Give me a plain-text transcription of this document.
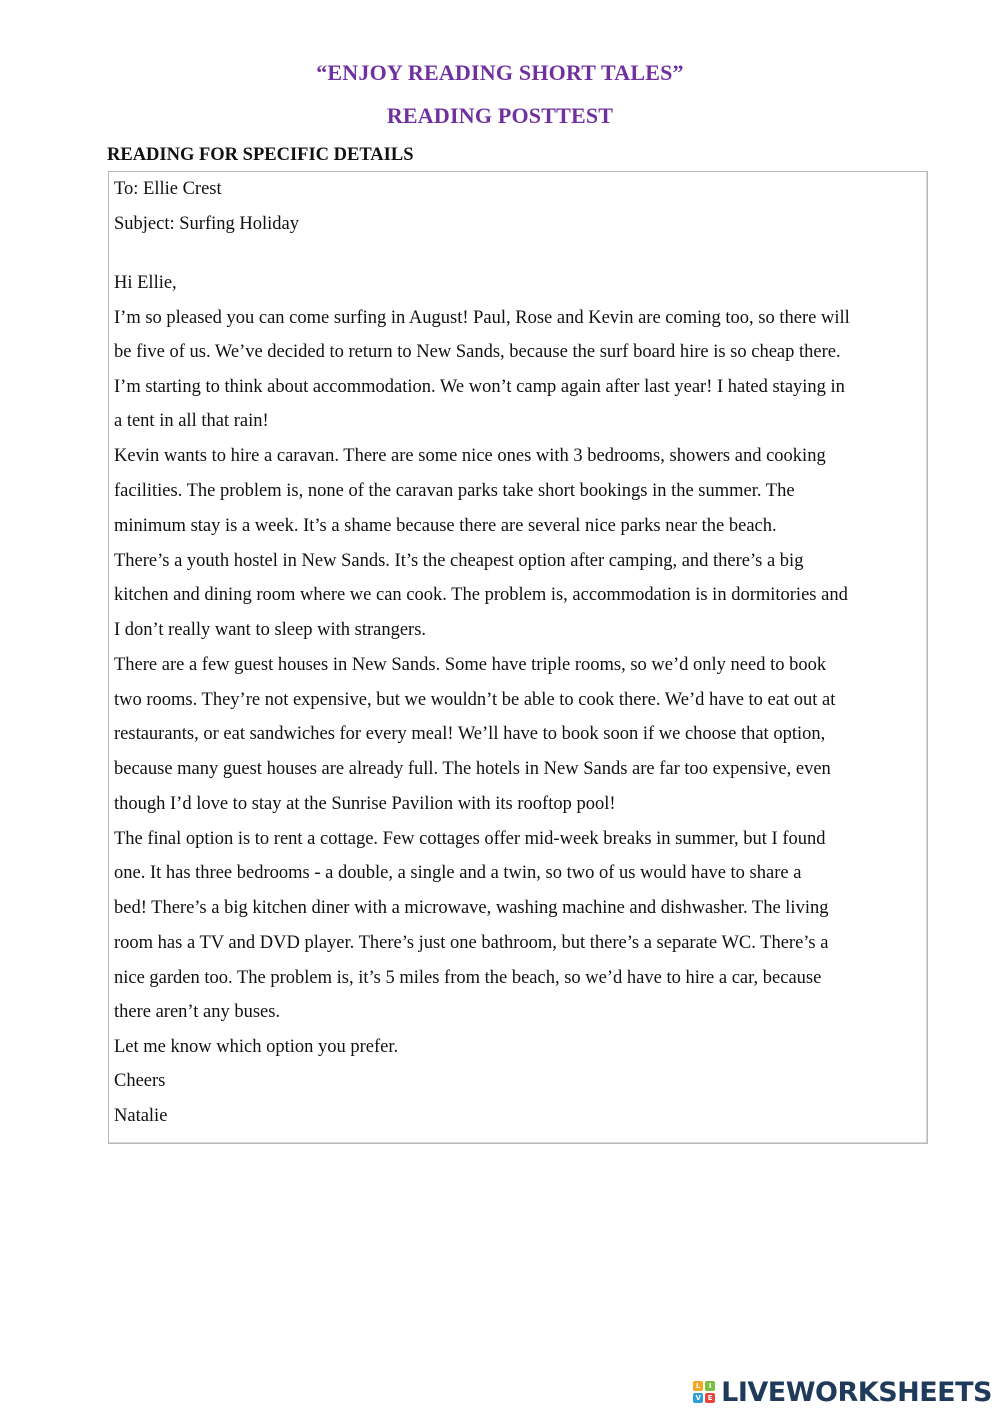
“ENJOY READING SHORT TALES”
READING POSTTEST
READING FOR SPECIFIC DETAILS
To: Ellie Crest
Subject: Surfing Holiday
Hi Ellie,
I’m so pleased you can come surfing in August! Paul, Rose and Kevin are coming too, so there will
be five of us. We’ve decided to return to New Sands, because the surf board hire is so cheap there.
I’m starting to think about accommodation. We won’t camp again after last year! I hated staying in
a tent in all that rain!
Kevin wants to hire a caravan. There are some nice ones with 3 bedrooms, showers and cooking
facilities. The problem is, none of the caravan parks take short bookings in the summer. The
minimum stay is a week. It’s a shame because there are several nice parks near the beach.
There’s a youth hostel in New Sands. It’s the cheapest option after camping, and there’s a big
kitchen and dining room where we can cook. The problem is, accommodation is in dormitories and
I don’t really want to sleep with strangers.
There are a few guest houses in New Sands. Some have triple rooms, so we’d only need to book
two rooms. They’re not expensive, but we wouldn’t be able to cook there. We’d have to eat out at
restaurants, or eat sandwiches for every meal! We’ll have to book soon if we choose that option,
because many guest houses are already full. The hotels in New Sands are far too expensive, even
though I’d love to stay at the Sunrise Pavilion with its rooftop pool!
The final option is to rent a cottage. Few cottages offer mid-week breaks in summer, but I found
one. It has three bedrooms - a double, a single and a twin, so two of us would have to share a
bed! There’s a big kitchen diner with a microwave, washing machine and dishwasher. The living
room has a TV and DVD player. There’s just one bathroom, but there’s a separate WC. There’s a
nice garden too. The problem is, it’s 5 miles from the beach, so we’d have to hire a car, because
there aren’t any buses.
Let me know which option you prefer.
Cheers
Natalie
L	I
V E LIVEWORKSHEETS
